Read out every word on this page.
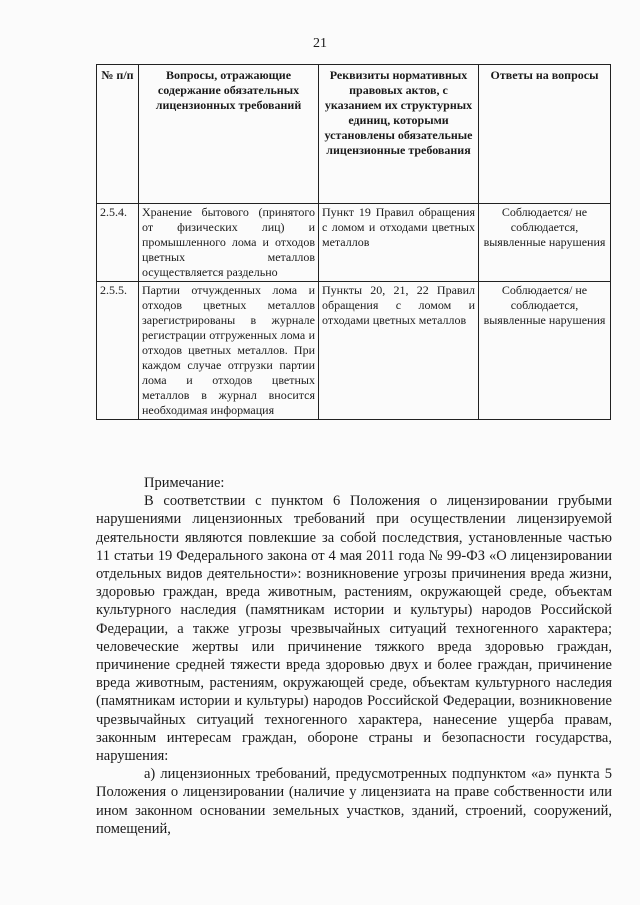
21
№ п/п	Вопросы, отражающие содержание обязательных лицензионных требований	Реквизиты нормативных правовых актов, с указанием их структурных единиц, которыми установлены обязательные лицензионные требования	Ответы на вопросы
2.5.4.	Хранение бытового (принятого от физических лиц) и промышленного лома и отходов цветных металлов осуществляется раздельно	Пункт 19 Правил обращения с ломом и отходами цветных металлов	Соблюдается/ не соблюдается, выявленные нарушения
2.5.5.	Партии отчужденных лома и отходов цветных металлов зарегистрированы в журнале регистрации отгруженных лома и отходов цветных металлов. При каждом случае отгрузки партии лома и отходов цветных металлов в журнал вносится необходимая информация	Пункты 20, 21, 22 Правил обращения с ломом и отходами цветных металлов	Соблюдается/ не соблюдается, выявленные нарушения

Примечание:

В соответствии с пунктом 6 Положения о лицензировании грубыми нарушениями лицензионных требований при осуществлении лицензируемой деятельности являются повлекшие за собой последствия, установленные частью 11 статьи 19 Федерального закона от 4 мая 2011 года № 99-ФЗ «О лицензировании отдельных видов деятельности»: возникновение угрозы причинения вреда жизни, здоровью граждан, вреда животным, растениям, окружающей среде, объектам культурного наследия (памятникам истории и культуры) народов Российской Федерации, а также угрозы чрезвычайных ситуаций техногенного характера; человеческие жертвы или причинение тяжкого вреда здоровью граждан, причинение средней тяжести вреда здоровью двух и более граждан, причинение вреда животным, растениям, окружающей среде, объектам культурного наследия (памятникам истории и культуры) народов Российской Федерации, возникновение чрезвычайных ситуаций техногенного характера, нанесение ущерба правам, законным интересам граждан, обороне страны и безопасности государства, нарушения:

а) лицензионных требований, предусмотренных подпунктом «а» пункта 5 Положения о лицензировании (наличие у лицензиата на праве собственности или ином законном основании земельных участков, зданий, строений, сооружений, помещений,
